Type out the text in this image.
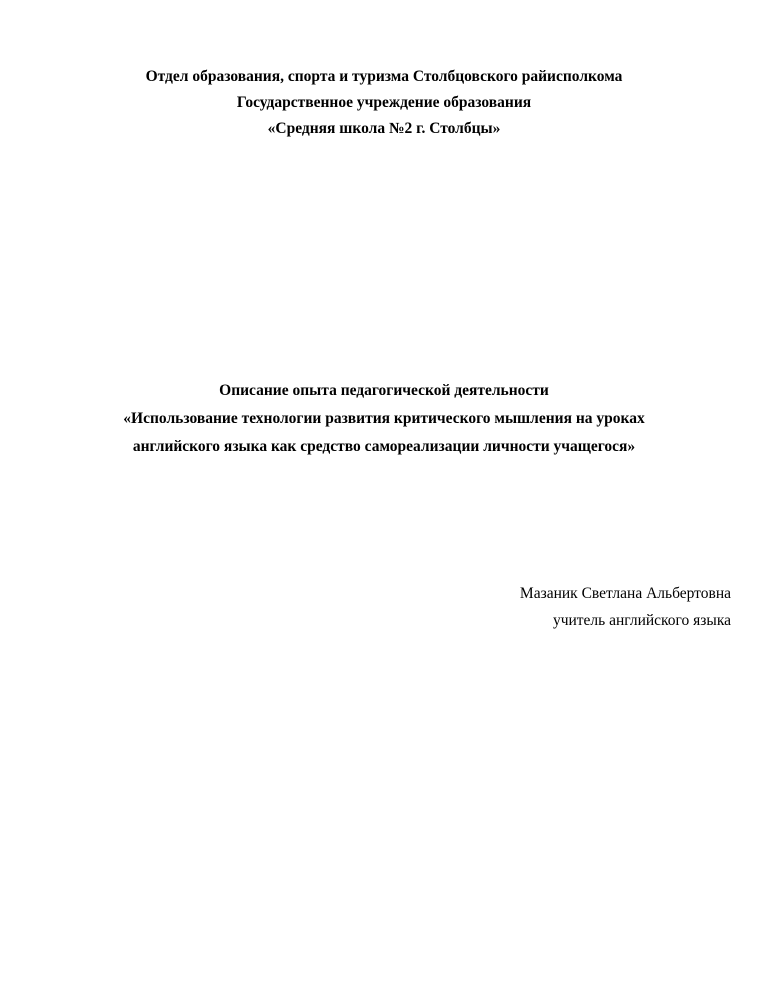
Отдел образования, спорта и туризма Столбцовского райисполкома
Государственное учреждение образования
«Средняя школа №2 г. Столбцы»
Описание опыта педагогической деятельности
«Использование технологии развития критического мышления на уроках
английского языка как средство самореализации личности учащегося»
Мазаник Светлана Альбертовна
учитель английского языка
